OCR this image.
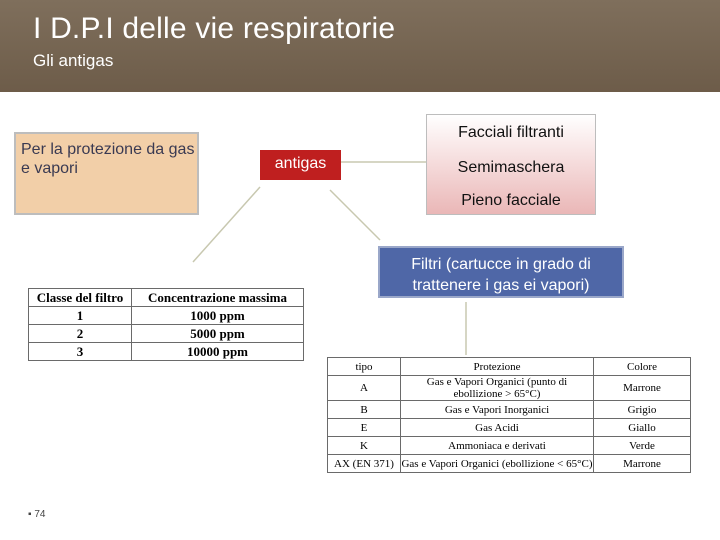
I D.P.I delle vie respiratorie
Gli antigas
Per la protezione da gas e vapori	antigas
Facciali filtranti
Semimaschera
Pieno facciale
Filtri (cartucce in grado di trattenere i gas ei vapori)
Classe del filtro	Concentrazione massima
1	1000 ppm
2	5000 ppm
3	10000 ppm
tipo	Protezione	Colore
A	Gas e Vapori Organici (punto di ebollizione > 65°C)	Marrone
B	Gas e Vapori Inorganici	Grigio
E	Gas Acidi	Giallo
K	Ammoniaca e derivati	Verde
AX (EN 371)	Gas e Vapori Organici (ebollizione < 65°C)	Marrone
▪ 74
